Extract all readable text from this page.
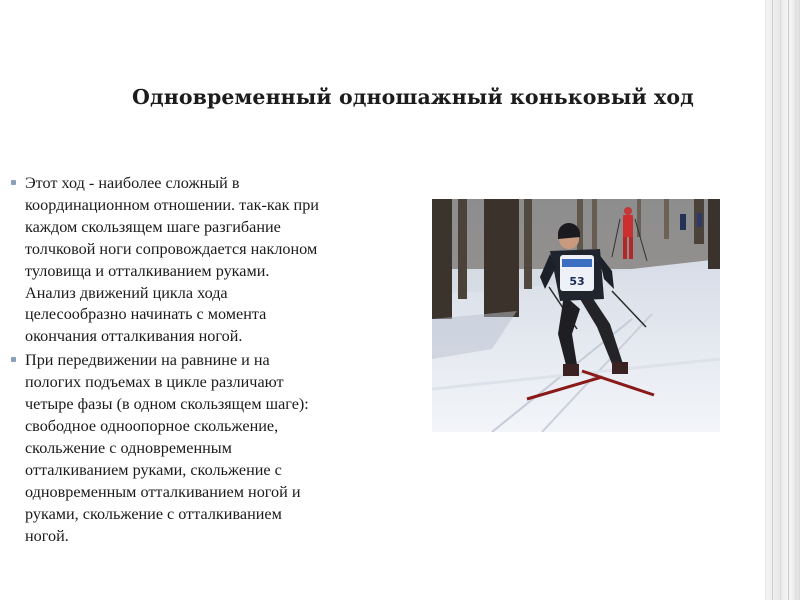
Одновременный одношажный коньковый ход
Этот ход - наиболее сложный в
координационном отношении. так-как при
каждом скользящем шаге разгибание
толчковой ноги сопровождается наклоном
туловища и отталкиванием руками.
Анализ движений цикла хода
целесообразно начинать с момента
окончания отталкивания ногой.
При передвижении на равнине и на
пологих подъемах в цикле различают
четыре фазы (в одном скользящем шаге):
свободное одноопорное скольжение,
скольжение с одновременным
отталкиванием руками, скольжение с
одновременным отталкиванием ногой и
руками, скольжение с отталкиванием
ногой.
53
